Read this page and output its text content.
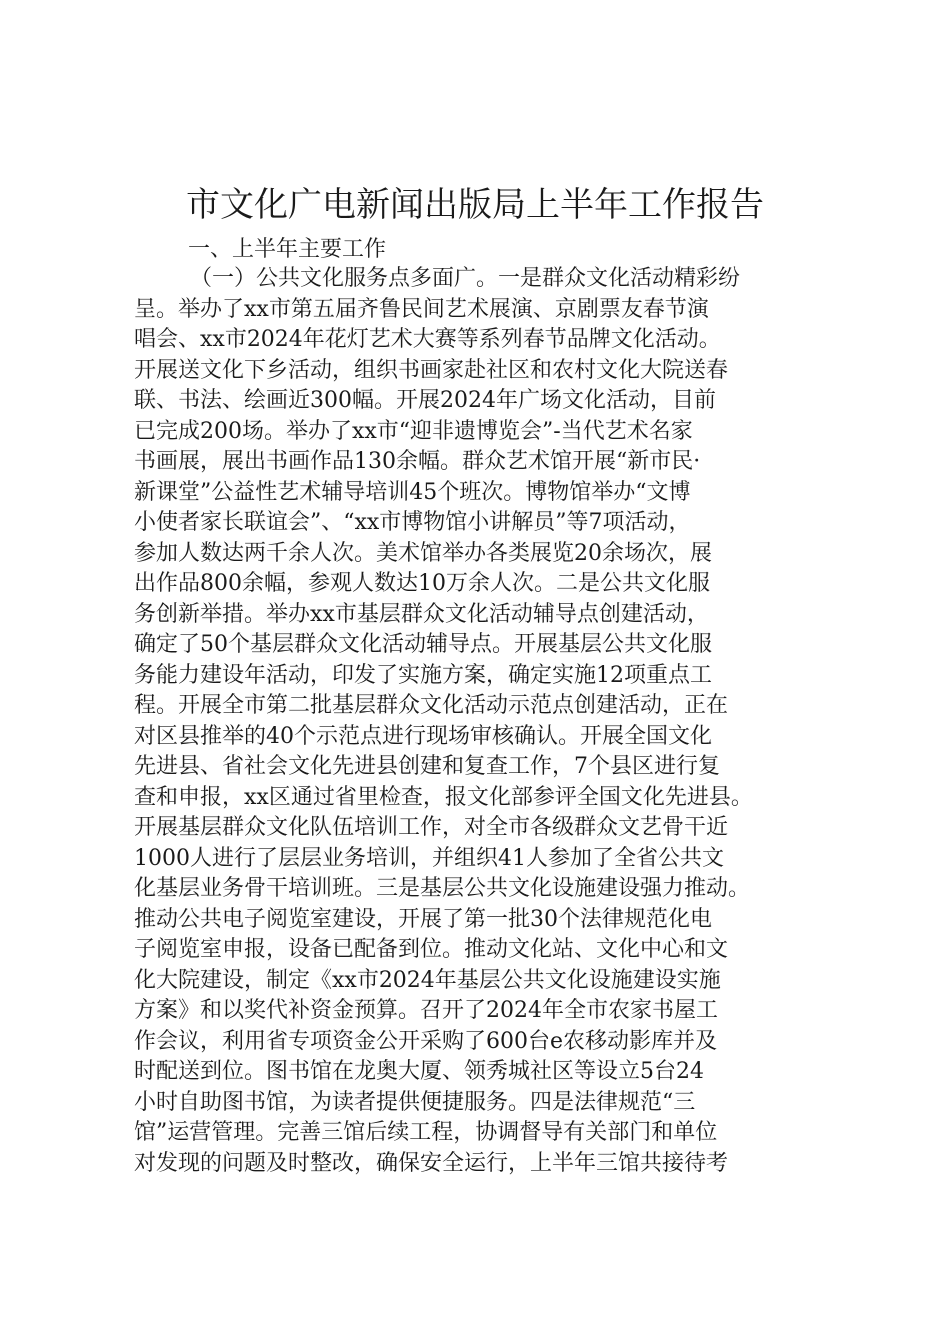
市文化广电新闻出版局上半年工作报告
一、上半年主要工作
（一）公共文化服务点多面广。一是群众文化活动精彩纷
呈。举办了xx市第五届齐鲁民间艺术展演、京剧票友春节演
唱会、xx市2024年花灯艺术大赛等系列春节品牌文化活动。
开展送文化下乡活动，组织书画家赴社区和农村文化大院送春
联、书法、绘画近300幅。开展2024年广场文化活动，目前
已完成200场。举办了xx市“迎非遗博览会”-当代艺术名家
书画展，展出书画作品130余幅。群众艺术馆开展“新市民·
新课堂”公益性艺术辅导培训45个班次。博物馆举办“文博
小使者家长联谊会”、“xx市博物馆小讲解员”等7项活动，
参加人数达两千余人次。美术馆举办各类展览20余场次，展
出作品800余幅，参观人数达10万余人次。二是公共文化服
务创新举措。举办xx市基层群众文化活动辅导点创建活动，
确定了50个基层群众文化活动辅导点。开展基层公共文化服
务能力建设年活动，印发了实施方案，确定实施12项重点工
程。开展全市第二批基层群众文化活动示范点创建活动，正在
对区县推举的40个示范点进行现场审核确认。开展全国文化
先进县、省社会文化先进县创建和复查工作，7个县区进行复
查和申报，xx区通过省里检查，报文化部参评全国文化先进县。
开展基层群众文化队伍培训工作，对全市各级群众文艺骨干近
1000人进行了层层业务培训，并组织41人参加了全省公共文
化基层业务骨干培训班。三是基层公共文化设施建设强力推动。
推动公共电子阅览室建设，开展了第一批30个法律规范化电
子阅览室申报，设备已配备到位。推动文化站、文化中心和文
化大院建设，制定《xx市2024年基层公共文化设施建设实施
方案》和以奖代补资金预算。召开了2024年全市农家书屋工
作会议，利用省专项资金公开采购了600台e农移动影库并及
时配送到位。图书馆在龙奥大厦、领秀城社区等设立5台24
小时自助图书馆，为读者提供便捷服务。四是法律规范“三
馆”运营管理。完善三馆后续工程，协调督导有关部门和单位
对发现的问题及时整改，确保安全运行，上半年三馆共接待考
